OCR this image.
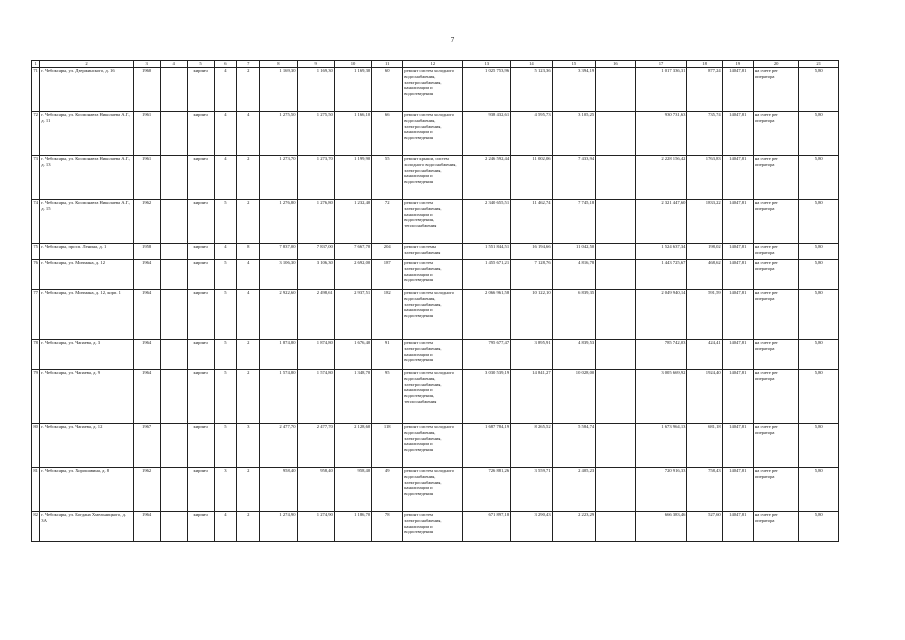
7
1	2	3	4	5	6	7	8	9	10	11	12	13	14	15	16	17	18	19	20	21
71	г. Чебоксары, ул. Дзержинского, д. 16	1960		кирпич	4	2	1 169,30	1 169,30	1 169,30	60	ремонт систем холодного водоснабжения, электроснабжения, канализации и водоотведения	1 025 753,96	5 123,36	3 394,19		1 017 336,31	877,24	14047,81	на счете рег оператора	5,80
72	г. Чебоксары, ул. Космонавта Николаева А.Г., д. 11	1961		кирпич	4	4	1 275,50	1 275,50	1 166,10	66	ремонт систем холодного водоснабжения, электроснабжения, канализации и водоотведения	938 432,61	4 595,73	3 105,25		930 731,63	735,74	14047,81	на счете рег оператора	5,80
73	г. Чебоксары, ул. Космонавта Николаева А.Г., д. 13	1961		кирпич	4	2	1 273,70	1 273,70	1 199,90	55	ремонт крыши, систем холодного водоснабжения, электроснабжения, канализации и водоотведения	2 246 592,44	11 002,06	7 433,94		2 228 156,42	1763,83	14047,81	на счете рег оператора	5,80
74	г. Чебоксары, ул. Космонавта Николаева А.Г., д. 15	1962		кирпич	5	2	1 276,80	1 276,80	1 232,40	72	ремонт систем электроснабжения, канализации и водоотведения, теплоснабжения	2 340 655,51	11 462,74	7 745,18		2 321 447,60	1833,22	14047,81	на счете рег оператора	5,80
75	г. Чебоксары, просп. Ленина, д. 1	1958		кирпич	4	8	7 837,00	7 837,00	7 667,70	204	ремонт системы электроснабжения	1 551 844,51	16 194,66	11 042,50		1 524 637,34	198,02	14047,81	на счете рег оператора	5,80
76	г. Чебоксары, ул. Мичмана, д. 12	1964		кирпич	5	4	3 106,30	3 106,30	2 692,00	187	ремонт систем электроснабжения, канализации и водоотведения	1 455 671,21	7 128,76	4 816,78		1 443 725,67	468,62	14047,81	на счете рег оператора	5,80
77	г. Чебоксары, ул. Мичмана, д. 12, корп. 1	1964		кирпич	5	4	2 922,60	2 498,61	2 937,51	182	ремонт систем холодного водоснабжения, электроснабжения, канализации и водоотведения	2 066 961,58	10 122,10	6 839,35		2 049 940,14	591,59	14047,81	на счете рег оператора	5,80
78	г. Чебоксары, ул. Чапаева, д. 3	1964		кирпич	5	2	1 874,80	1 874,80	1 676,40	91	ремонт систем электроснабжения, канализации и водоотведения	795 677,47	3 895,91	4 839,53		785 742,03	424,41	14047,81	на счете рег оператора	5,80
79	г. Чебоксары, ул. Чапаева, д. 9	1964		кирпич	5	2	1 574,80	1 574,80	1 348,70	95	ремонт систем холодного водоснабжения, электроснабжения, канализации и водоотведения, теплоснабжения	3 030 539,19	14 841,27	10 028,00		3 005 669,92	1924,40	14047,81	на счете рег оператора	5,80
80	г. Чебоксары, ул. Чапаева, д. 12	1967		кирпич	5	3	2 477,70	2 477,70	2 128,60	118	ремонт систем холодного водоснабжения, электроснабжения, канализации и водоотведения	1 687 784,19	8 265,52	5 584,74		1 673 964,13	681,18	14047,81	на счете рег оператора	5,80
81	г. Чебоксары, ул. Хорошавина, д. 8	1962		кирпич	3	2	958,40	958,40	958,40	49	ремонт систем холодного водоснабжения, электроснабжения, канализации и водоотведения	726 881,26	3 559,71	2 405,23		720 916,33	758,43	14047,81	на счете рег оператора	5,80
82	г. Чебоксары, ул. Богдана Хмельницкого, д. 3А	1964		кирпич	4	2	1 274,90	1 274,90	1 186,70	78	ремонт систем электроснабжения, канализации и водоотведения	671 897,18	3 290,43	2 223,29		666 383,46	527,60	14047,81	на счете рег оператора	5,80
